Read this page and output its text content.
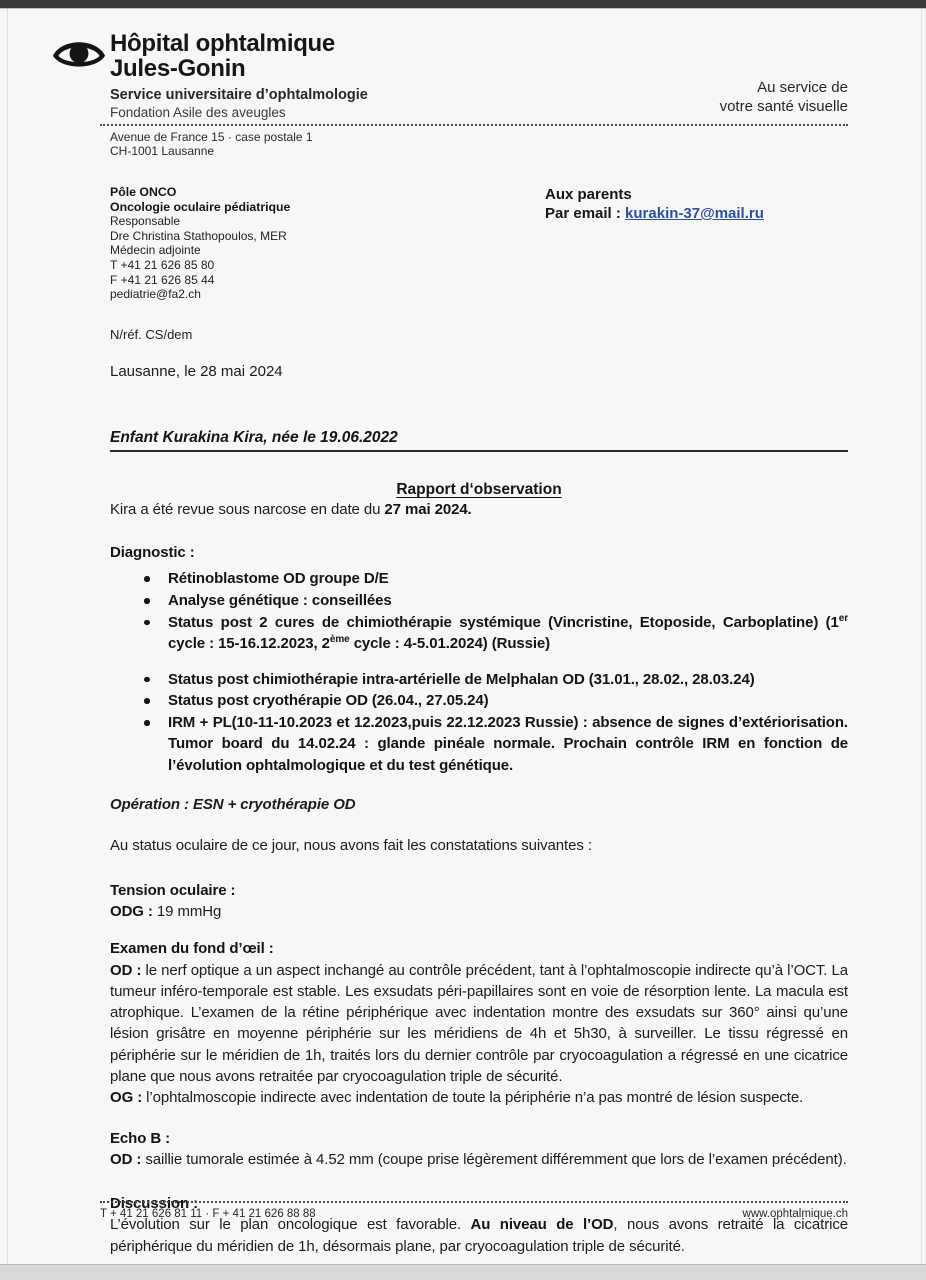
Hôpital ophtalmique
Jules-Gonin
Service universitaire d’ophtalmologie
Fondation Asile des aveugles
Au service de
votre santé visuelle
Avenue de France 15 · case postale 1
CH-1001 Lausanne
Pôle ONCO
Oncologie oculaire pédiatrique
Responsable
Dre Christina Stathopoulos, MER
Médecin adjointe
T +41 21 626 85 80
F +41 21 626 85 44
pediatrie@fa2.ch
Aux parents
Par email : kurakin-37@mail.ru
N/réf. CS/dem
Lausanne, le 28 mai 2024
Enfant Kurakina Kira, née le 19.06.2022
Rapport d‘observation

Kira a été revue sous narcose en date du 27 mai 2024.

Diagnostic :
Rétinoblastome OD groupe D/E
Analyse génétique : conseillées
Status post 2 cures de chimiothérapie systémique (Vincristine, Etoposide, Carboplatine) (1er cycle : 15-16.12.2023, 2ème cycle : 4-5.01.2024) (Russie)
Status post chimiothérapie intra-artérielle de Melphalan OD (31.01., 28.02., 28.03.24)
Status post cryothérapie OD (26.04., 27.05.24)
IRM + PL(10-11-10.2023 et 12.2023,puis 22.12.2023 Russie) : absence de signes d’extériorisation. Tumor board du 14.02.24 : glande pinéale normale. Prochain contrôle IRM en fonction de l’évolution ophtalmologique et du test génétique.
Opération : ESN + cryothérapie OD
Au status oculaire de ce jour, nous avons fait les constatations suivantes :
Tension oculaire :

ODG : 19 mmHg

Examen du fond d’œil :

OD : le nerf optique a un aspect inchangé au contrôle précédent, tant à l’ophtalmoscopie indirecte qu’à l’OCT. La tumeur inféro-temporale est stable. Les exsudats péri-papillaires sont en voie de résorption lente. La macula est atrophique. L’examen de la rétine périphérique avec indentation montre des exsudats sur 360° ainsi qu’une lésion grisâtre en moyenne périphérie sur les méridiens de 4h et 5h30, à surveiller. Le tissu régressé en périphérie sur le méridien de 1h, traités lors du dernier contrôle par cryocoagulation a régressé en une cicatrice plane que nous avons retraitée par cryocoagulation triple de sécurité.

OG : l’ophtalmoscopie indirecte avec indentation de toute la périphérie n’a pas montré de lésion suspecte.

Echo B :

OD : saillie tumorale estimée à 4.52 mm (coupe prise légèrement différemment que lors de l’examen précédent).

Discussion :

L’évolution sur le plan oncologique est favorable. Au niveau de l’OD, nous avons retraité la cicatrice périphérique du méridien de 1h, désormais plane, par cryocoagulation triple de sécurité.

T + 41 21 626 81 11 · F + 41 21 626 88 88	www.ophtalmique.ch
